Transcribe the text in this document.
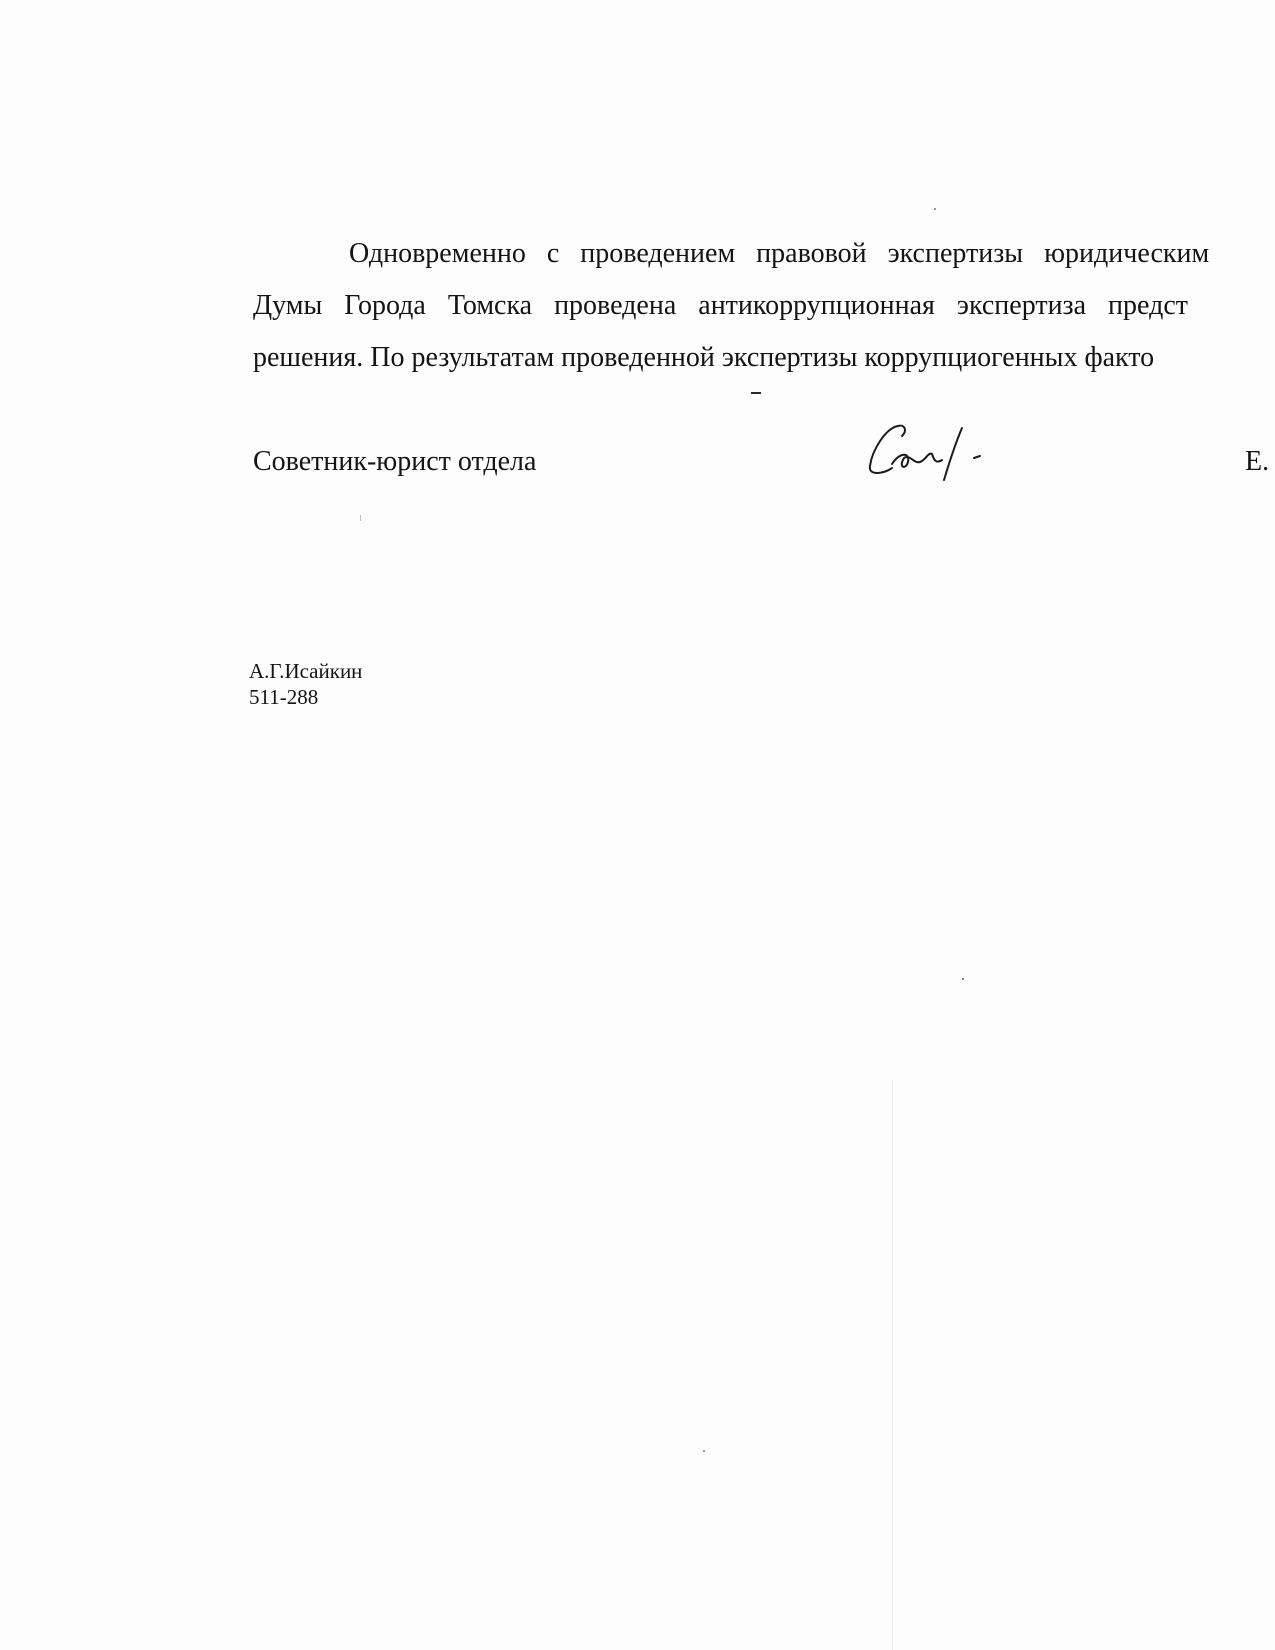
Одновременно с проведением правовой экспертизы юридическим
Думы Города Томска проведена антикоррупционная экспертиза предст
решения. По результатам проведенной экспертизы коррупциогенных факто
Советник-юрист отдела	Е.
А.Г.Исайкин
511-288
